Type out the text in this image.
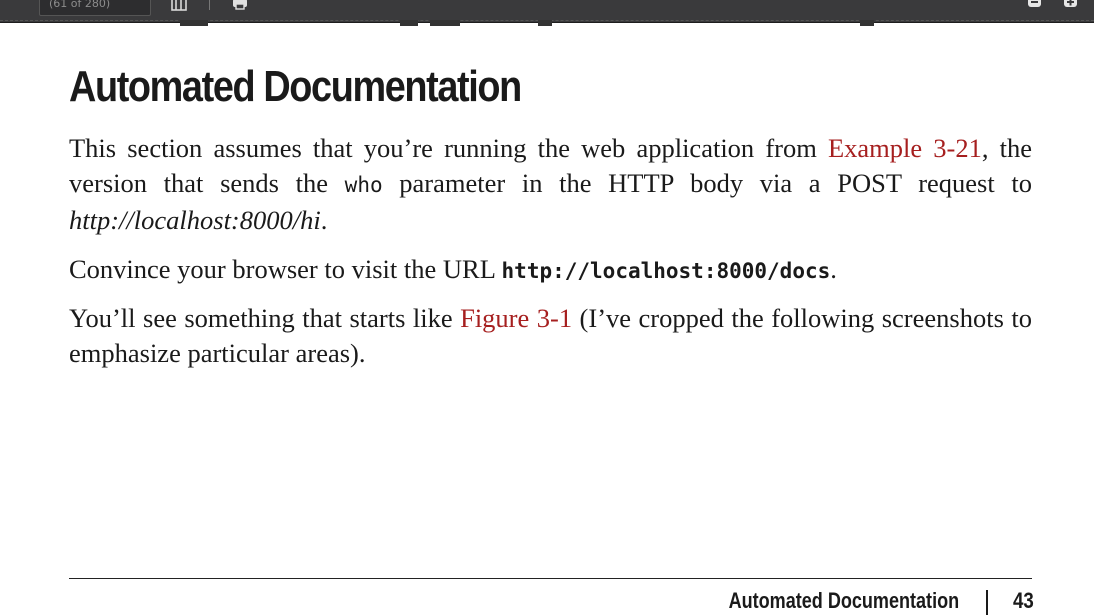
(61 of 280)
Automated Documentation

This section assumes that you’re running the web application from Example 3-21, the version that sends the who parameter in the HTTP body via a POST request to http://localhost:8000/hi.

Convince your browser to visit the URL http://localhost:8000/docs.

You’ll see something that starts like Figure 3-1 (I’ve cropped the following screenshots to emphasize particular areas).

Automated Documentation 43
